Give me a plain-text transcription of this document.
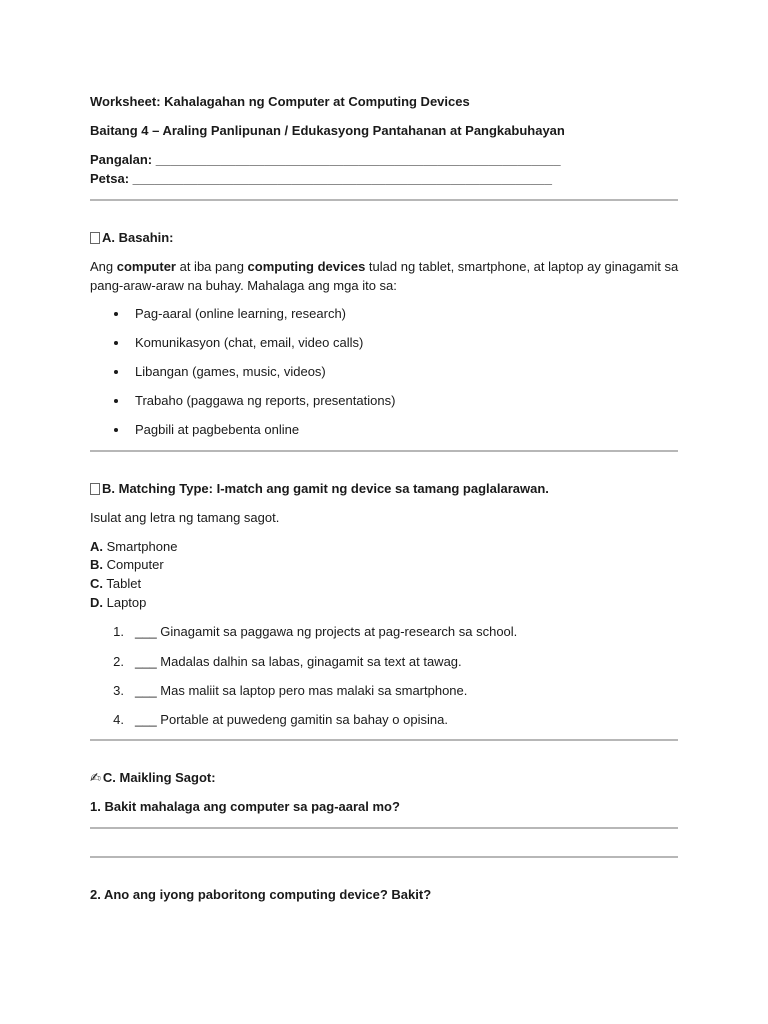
Worksheet: Kahalagahan ng Computer at Computing Devices
Baitang 4 – Araling Panlipunan / Edukasyong Pantahanan at Pangkabuhayan
Pangalan: ________________________________________________________
Petsa: __________________________________________________________
A. Basahin:
Ang computer at iba pang computing devices tulad ng tablet, smartphone, at laptop ay ginagamit sa
pang-araw-araw na buhay. Mahalaga ang mga ito sa:
Pag-aaral (online learning, research)
Komunikasyon (chat, email, video calls)
Libangan (games, music, videos)
Trabaho (paggawa ng reports, presentations)
Pagbili at pagbebenta online
B. Matching Type: I-match ang gamit ng device sa tamang paglalarawan.
Isulat ang letra ng tamang sagot.
A. Smartphone
B. Computer
C. Tablet
D. Laptop
1. ___ Ginagamit sa paggawa ng projects at pag-research sa school.
2. ___ Madalas dalhin sa labas, ginagamit sa text at tawag.
3. ___ Mas maliit sa laptop pero mas malaki sa smartphone.
4. ___ Portable at puwedeng gamitin sa bahay o opisina.
✍ C. Maikling Sagot:
1. Bakit mahalaga ang computer sa pag-aaral mo?
2. Ano ang iyong paboritong computing device? Bakit?
